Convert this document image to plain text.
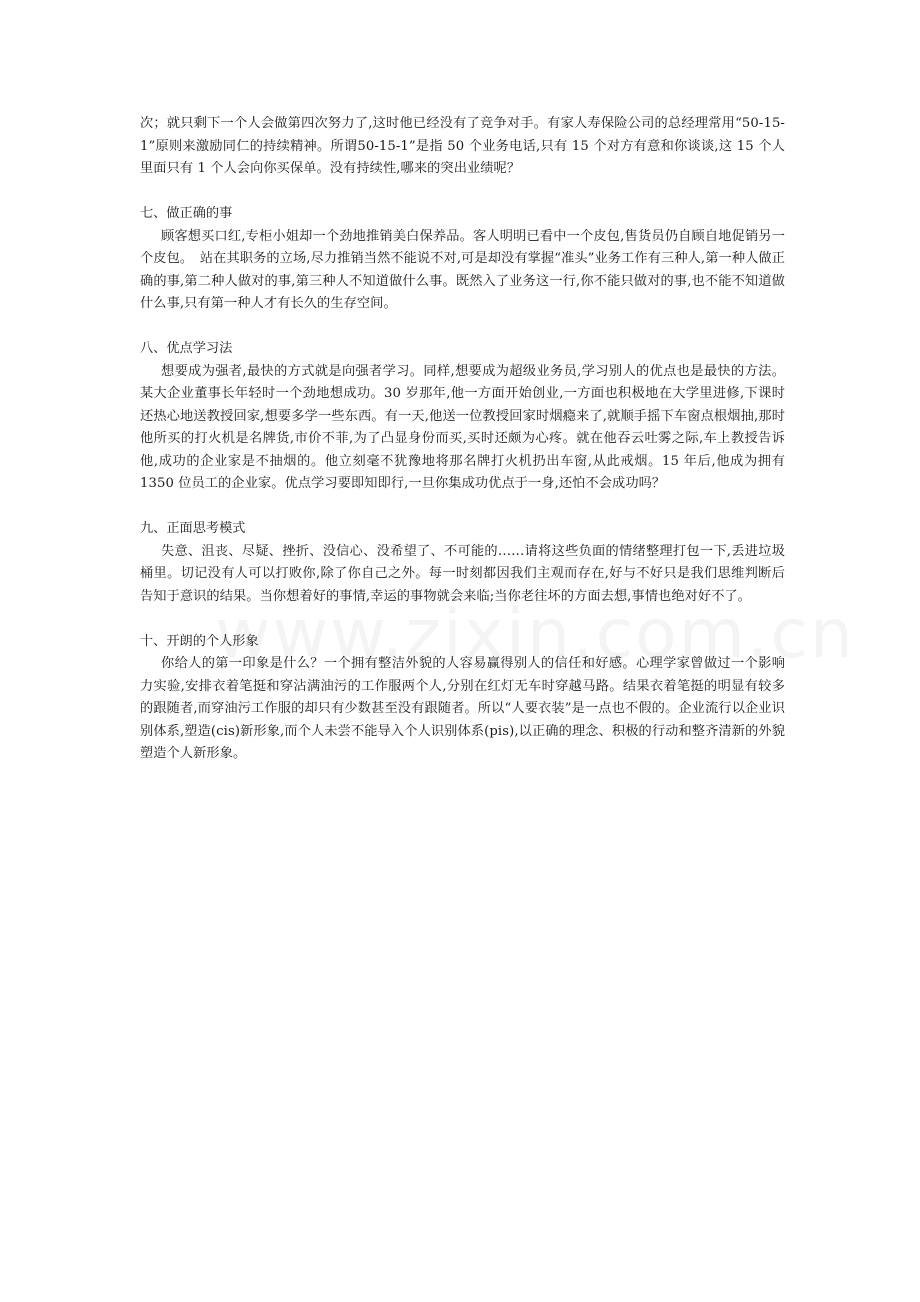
次；就只剩下一个人会做第四次努力了,这时他已经没有了竞争对手。有家人寿保险公司的总经理常用“50-15-1”原则来激励同仁的持续精神。所谓50-15-1”是指 50 个业务电话,只有 15 个对方有意和你谈谈,这 15 个人里面只有 1 个人会向你买保单。没有持续性,哪来的突出业绩呢？

七、做正确的事

顾客想买口红,专柜小姐却一个劲地推销美白保养品。客人明明已看中一个皮包,售货员仍自顾自地促销另一个皮包。　站在其职务的立场,尽力推销当然不能说不对,可是却没有掌握“准头”业务工作有三种人,第一种人做正确的事,第二种人做对的事,第三种人不知道做什么事。既然入了业务这一行,你不能只做对的事,也不能不知道做什么事,只有第一种人才有长久的生存空间。

八、优点学习法

想要成为强者,最快的方式就是向强者学习。同样,想要成为超级业务员,学习别人的优点也是最快的方法。某大企业董事长年轻时一个劲地想成功。30 岁那年,他一方面开始创业,一方面也积极地在大学里进修,下课时还热心地送教授回家,想要多学一些东西。有一天,他送一位教授回家时烟瘾来了,就顺手摇下车窗点根烟抽,那时他所买的打火机是名牌货,市价不菲,为了凸显身份而买,买时还颇为心疼。就在他吞云吐雾之际,车上教授告诉他,成功的企业家是不抽烟的。他立刻毫不犹豫地将那名牌打火机扔出车窗,从此戒烟。15 年后,他成为拥有 1350 位员工的企业家。优点学习要即知即行,一旦你集成功优点于一身,还怕不会成功吗？

九、正面思考模式

失意、沮丧、尽疑、挫折、没信心、没希望了、不可能的……请将这些负面的情绪整理打包一下,丢进垃圾桶里。切记没有人可以打败你,除了你自己之外。每一时刻都因我们主观而存在,好与不好只是我们思维判断后告知于意识的结果。当你想着好的事情,幸运的事物就会来临;当你老往坏的方面去想,事情也绝对好不了。

十、开朗的个人形象

你给人的第一印象是什么？一个拥有整洁外貌的人容易赢得别人的信任和好感。心理学家曾做过一个影响力实验,安排衣着笔挺和穿沾满油污的工作服两个人,分别在红灯无车时穿越马路。结果衣着笔挺的明显有较多的跟随者,而穿油污工作服的却只有少数甚至没有跟随者。所以“人要衣装”是一点也不假的。企业流行以企业识别体系,塑造(cis)新形象,而个人未尝不能导入个人识别体系(pis),以正确的理念、积极的行动和整齐清新的外貌塑造个人新形象。
